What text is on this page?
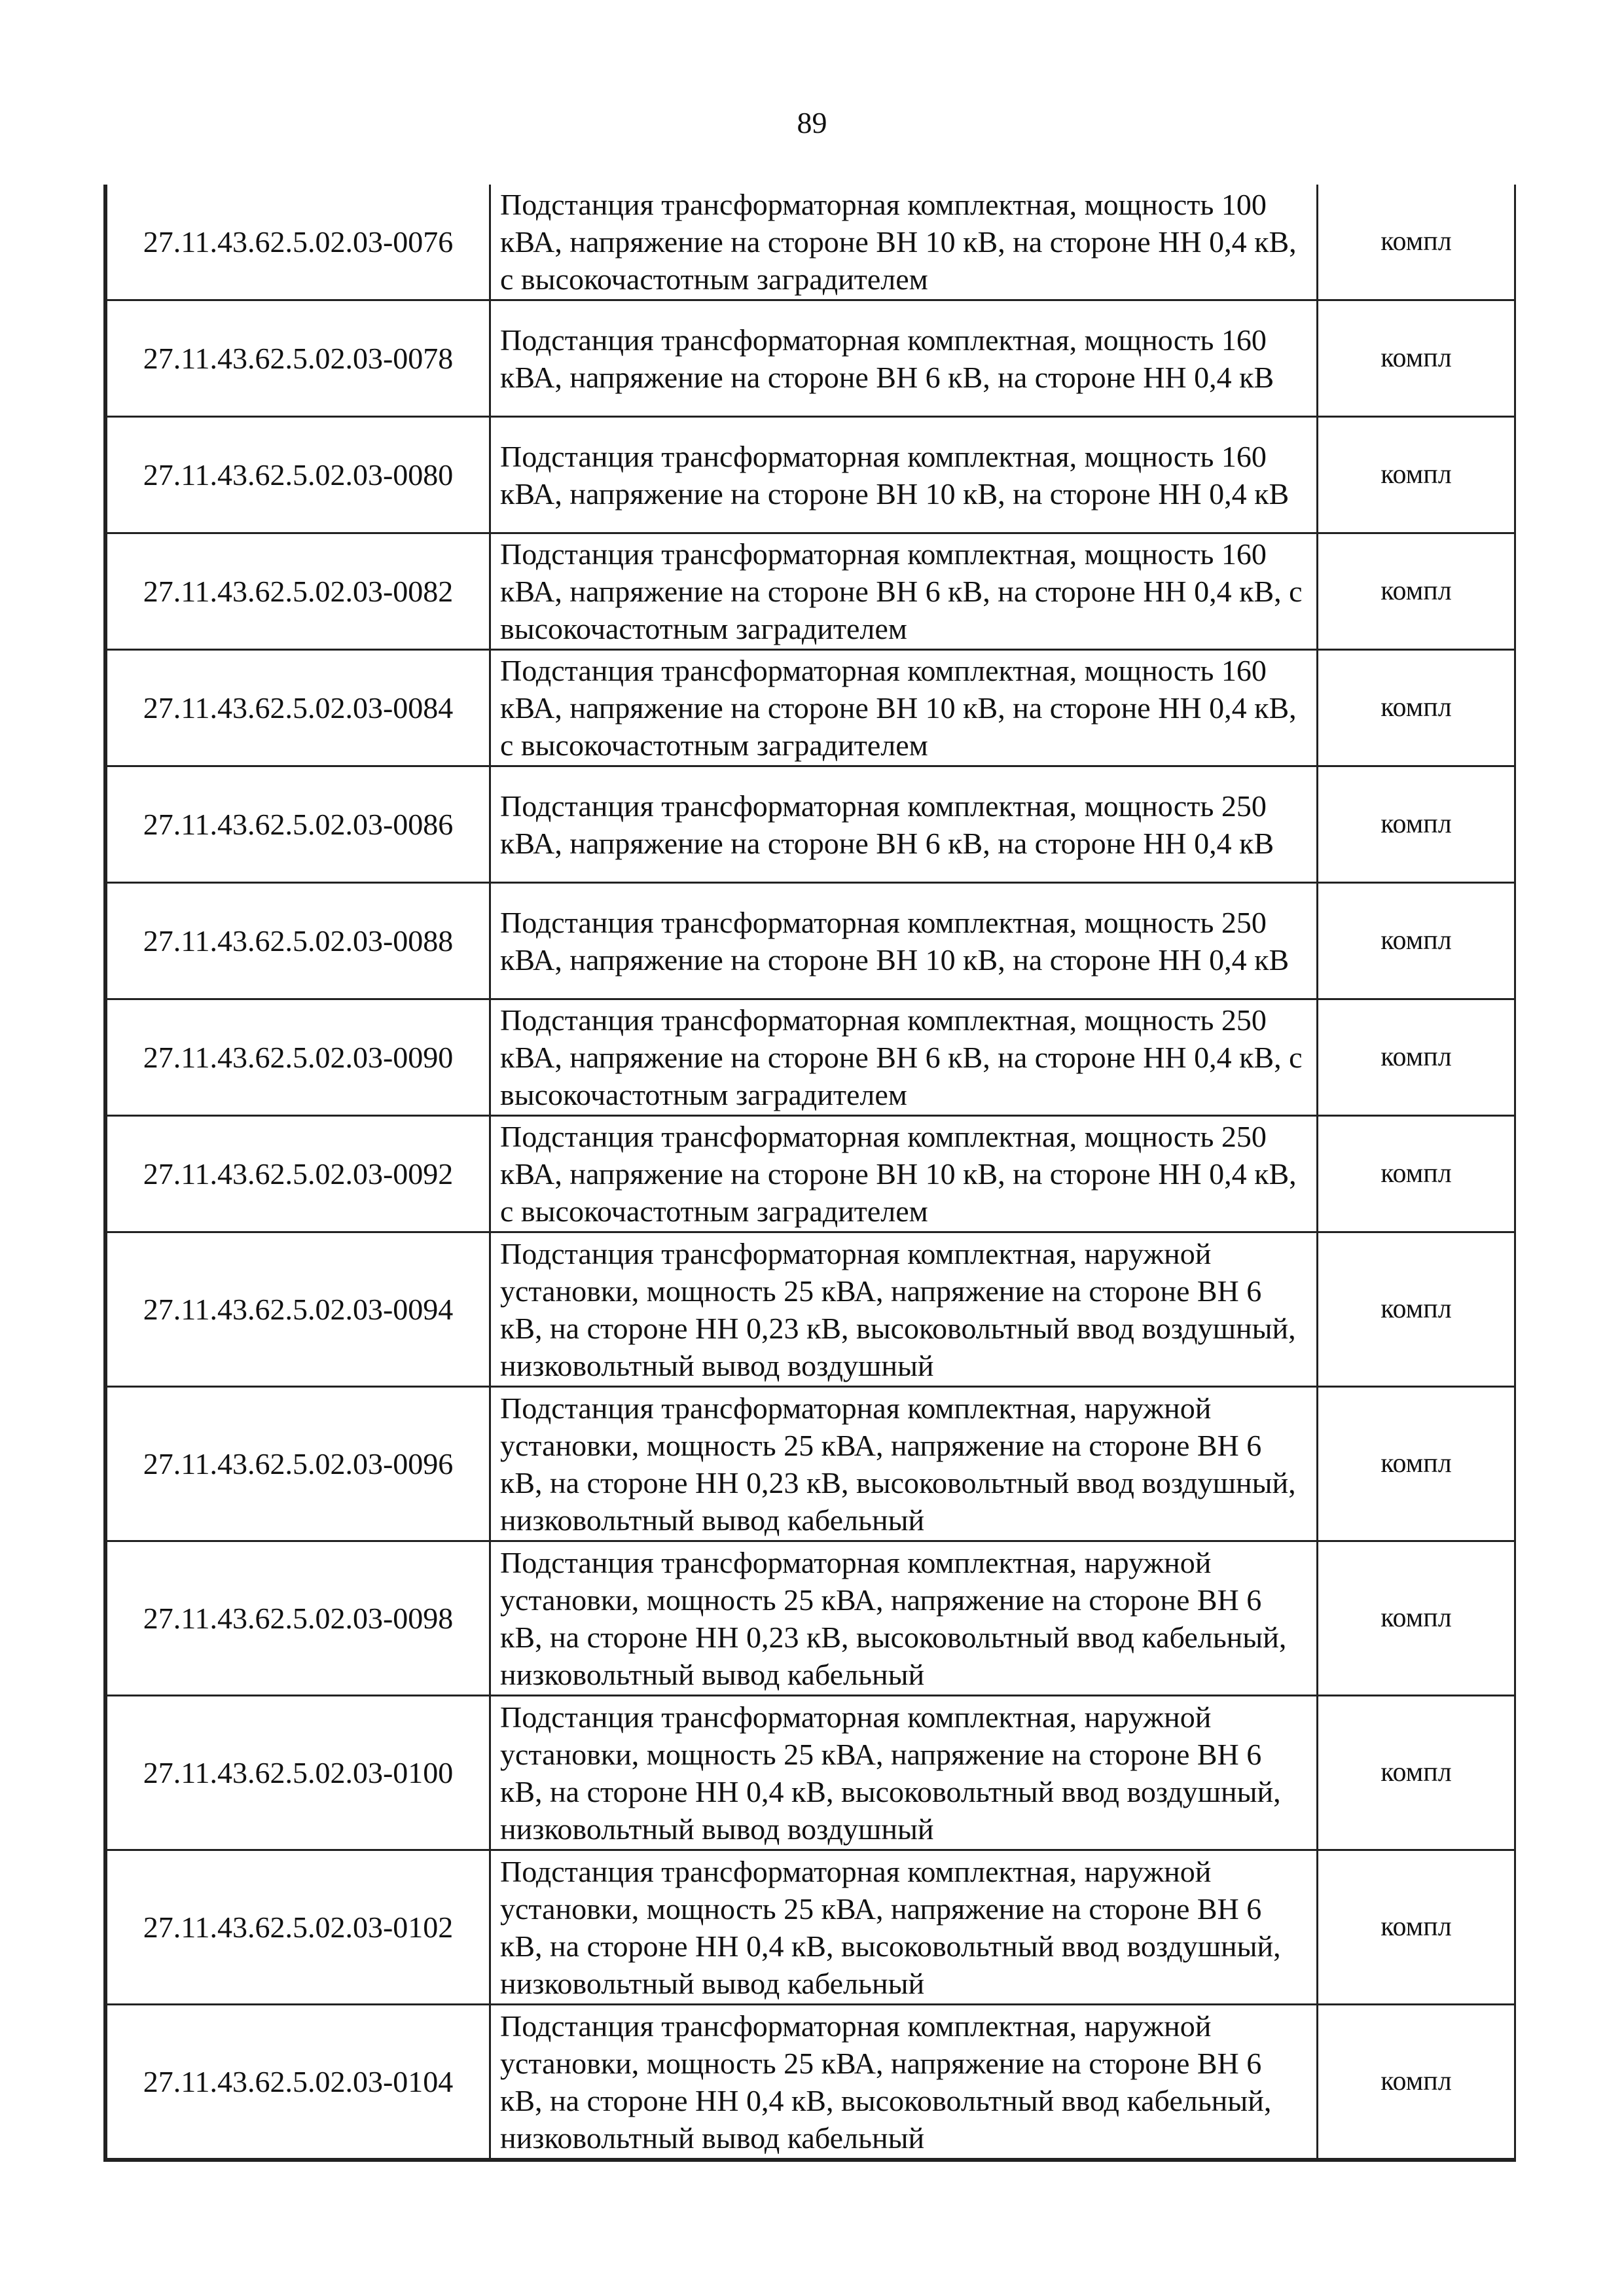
89
27.11.43.62.5.02.03-0076	Подстанция трансформаторная комплектная, мощность 100 кВА, напряжение на стороне ВН 10 кВ, на стороне НН 0,4 кВ, с высокочастотным заградителем	компл
27.11.43.62.5.02.03-0078	Подстанция трансформаторная комплектная, мощность 160 кВА, напряжение на стороне ВН 6 кВ, на стороне НН 0,4 кВ	компл
27.11.43.62.5.02.03-0080	Подстанция трансформаторная комплектная, мощность 160 кВА, напряжение на стороне ВН 10 кВ, на стороне НН 0,4 кВ	компл
27.11.43.62.5.02.03-0082	Подстанция трансформаторная комплектная, мощность 160 кВА, напряжение на стороне ВН 6 кВ, на стороне НН 0,4 кВ, с высокочастотным заградителем	компл
27.11.43.62.5.02.03-0084	Подстанция трансформаторная комплектная, мощность 160 кВА, напряжение на стороне ВН 10 кВ, на стороне НН 0,4 кВ, с высокочастотным заградителем	компл
27.11.43.62.5.02.03-0086	Подстанция трансформаторная комплектная, мощность 250 кВА, напряжение на стороне ВН 6 кВ, на стороне НН 0,4 кВ	компл
27.11.43.62.5.02.03-0088	Подстанция трансформаторная комплектная, мощность 250 кВА, напряжение на стороне ВН 10 кВ, на стороне НН 0,4 кВ	компл
27.11.43.62.5.02.03-0090	Подстанция трансформаторная комплектная, мощность 250 кВА, напряжение на стороне ВН 6 кВ, на стороне НН 0,4 кВ, с высокочастотным заградителем	компл
27.11.43.62.5.02.03-0092	Подстанция трансформаторная комплектная, мощность 250 кВА, напряжение на стороне ВН 10 кВ, на стороне НН 0,4 кВ, с высокочастотным заградителем	компл
27.11.43.62.5.02.03-0094	Подстанция трансформаторная комплектная, наружной установки, мощность 25 кВА, напряжение на стороне ВН 6 кВ, на стороне НН 0,23 кВ, высоковольтный ввод воздушный, низковольтный вывод воздушный	компл
27.11.43.62.5.02.03-0096	Подстанция трансформаторная комплектная, наружной установки, мощность 25 кВА, напряжение на стороне ВН 6 кВ, на стороне НН 0,23 кВ, высоковольтный ввод воздушный, низковольтный вывод кабельный	компл
27.11.43.62.5.02.03-0098	Подстанция трансформаторная комплектная, наружной установки, мощность 25 кВА, напряжение на стороне ВН 6 кВ, на стороне НН 0,23 кВ, высоковольтный ввод кабельный, низковольтный вывод кабельный	компл
27.11.43.62.5.02.03-0100	Подстанция трансформаторная комплектная, наружной установки, мощность 25 кВА, напряжение на стороне ВН 6 кВ, на стороне НН 0,4 кВ, высоковольтный ввод воздушный, низковольтный вывод воздушный	компл
27.11.43.62.5.02.03-0102	Подстанция трансформаторная комплектная, наружной установки, мощность 25 кВА, напряжение на стороне ВН 6 кВ, на стороне НН 0,4 кВ, высоковольтный ввод воздушный, низковольтный вывод кабельный	компл
27.11.43.62.5.02.03-0104	Подстанция трансформаторная комплектная, наружной установки, мощность 25 кВА, напряжение на стороне ВН 6 кВ, на стороне НН 0,4 кВ, высоковольтный ввод кабельный, низковольтный вывод кабельный	компл
